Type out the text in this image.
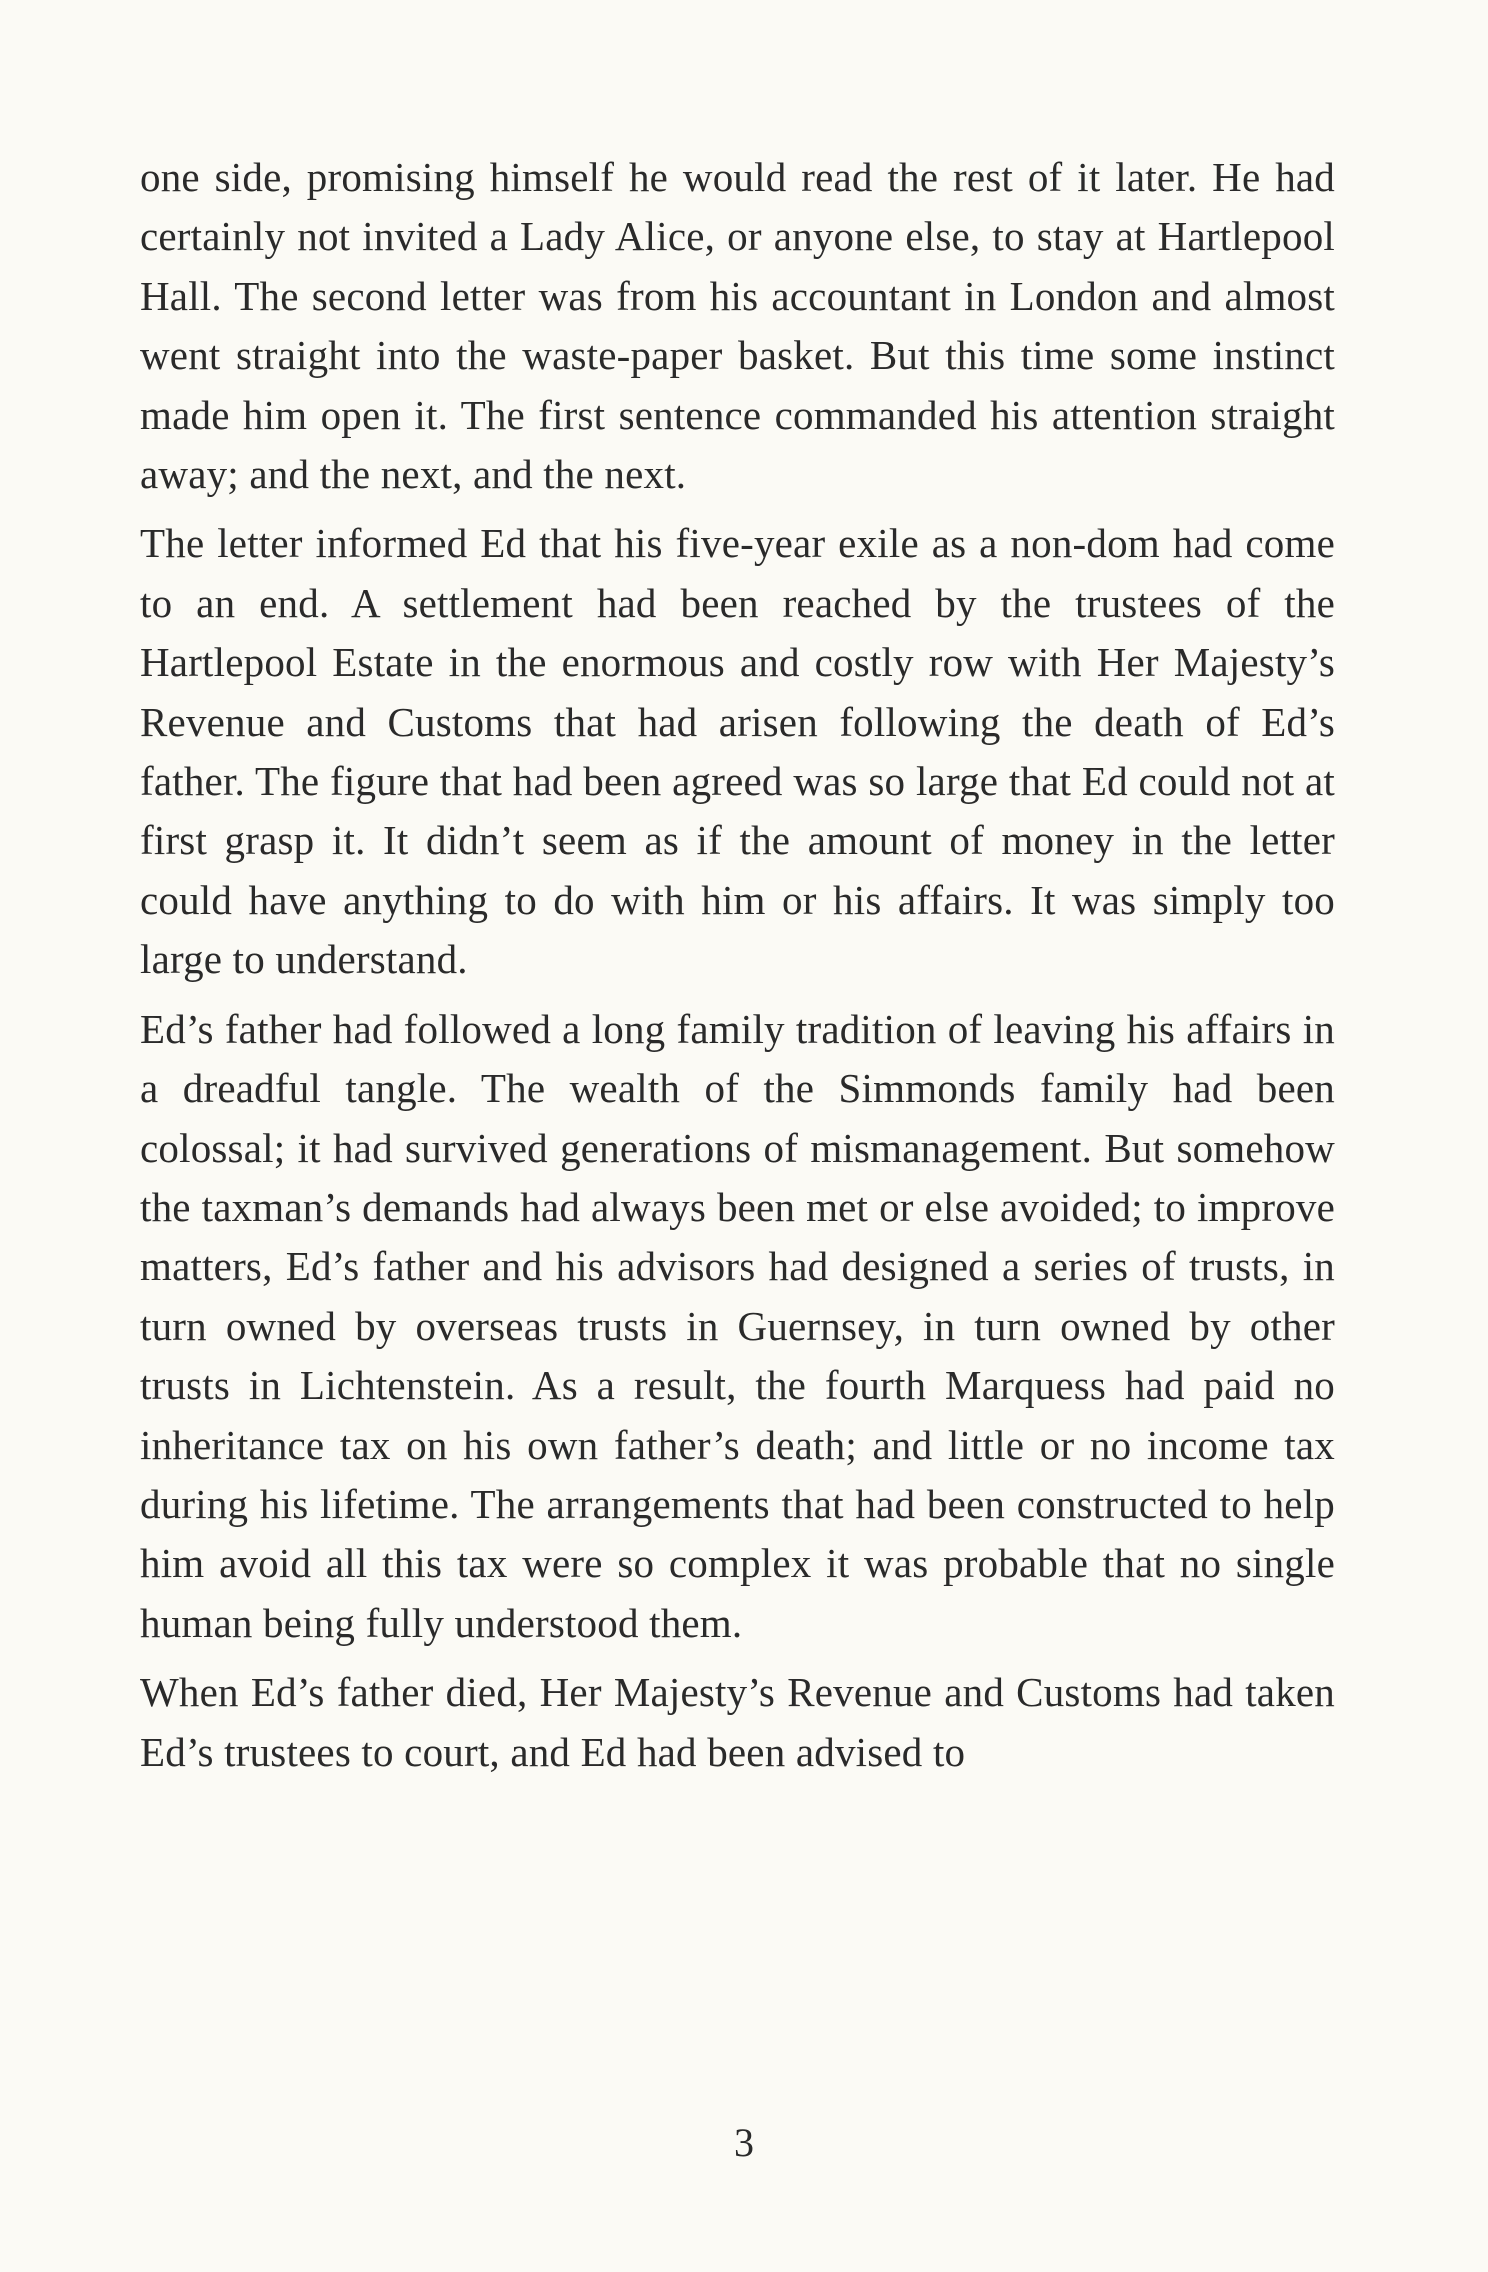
one side, promising himself he would read the rest of it later. He had certainly not invited a Lady Alice, or anyone else, to stay at Hartlepool Hall. The second letter was from his accountant in London and almost went straight into the waste-paper basket. But this time some instinct made him open it. The first sentence commanded his attention straight away; and the next, and the next.

The letter informed Ed that his five-year exile as a non-dom had come to an end. A settlement had been reached by the trustees of the Hartlepool Estate in the enormous and costly row with Her Majesty’s Revenue and Customs that had arisen following the death of Ed’s father. The figure that had been agreed was so large that Ed could not at first grasp it. It didn’t seem as if the amount of money in the letter could have anything to do with him or his affairs. It was simply too large to understand.

Ed’s father had followed a long family tradition of leaving his affairs in a dreadful tangle. The wealth of the Simmonds family had been colossal; it had survived generations of mismanagement. But somehow the taxman’s demands had always been met or else avoided; to improve matters, Ed’s father and his advisors had designed a series of trusts, in turn owned by overseas trusts in Guernsey, in turn owned by other trusts in Lichtenstein. As a result, the fourth Marquess had paid no inheritance tax on his own father’s death; and little or no income tax during his lifetime. The arrangements that had been constructed to help him avoid all this tax were so complex it was probable that no single human being fully understood them.

When Ed’s father died, Her Majesty’s Revenue and Customs had taken Ed’s trustees to court, and Ed had been advised to

3
